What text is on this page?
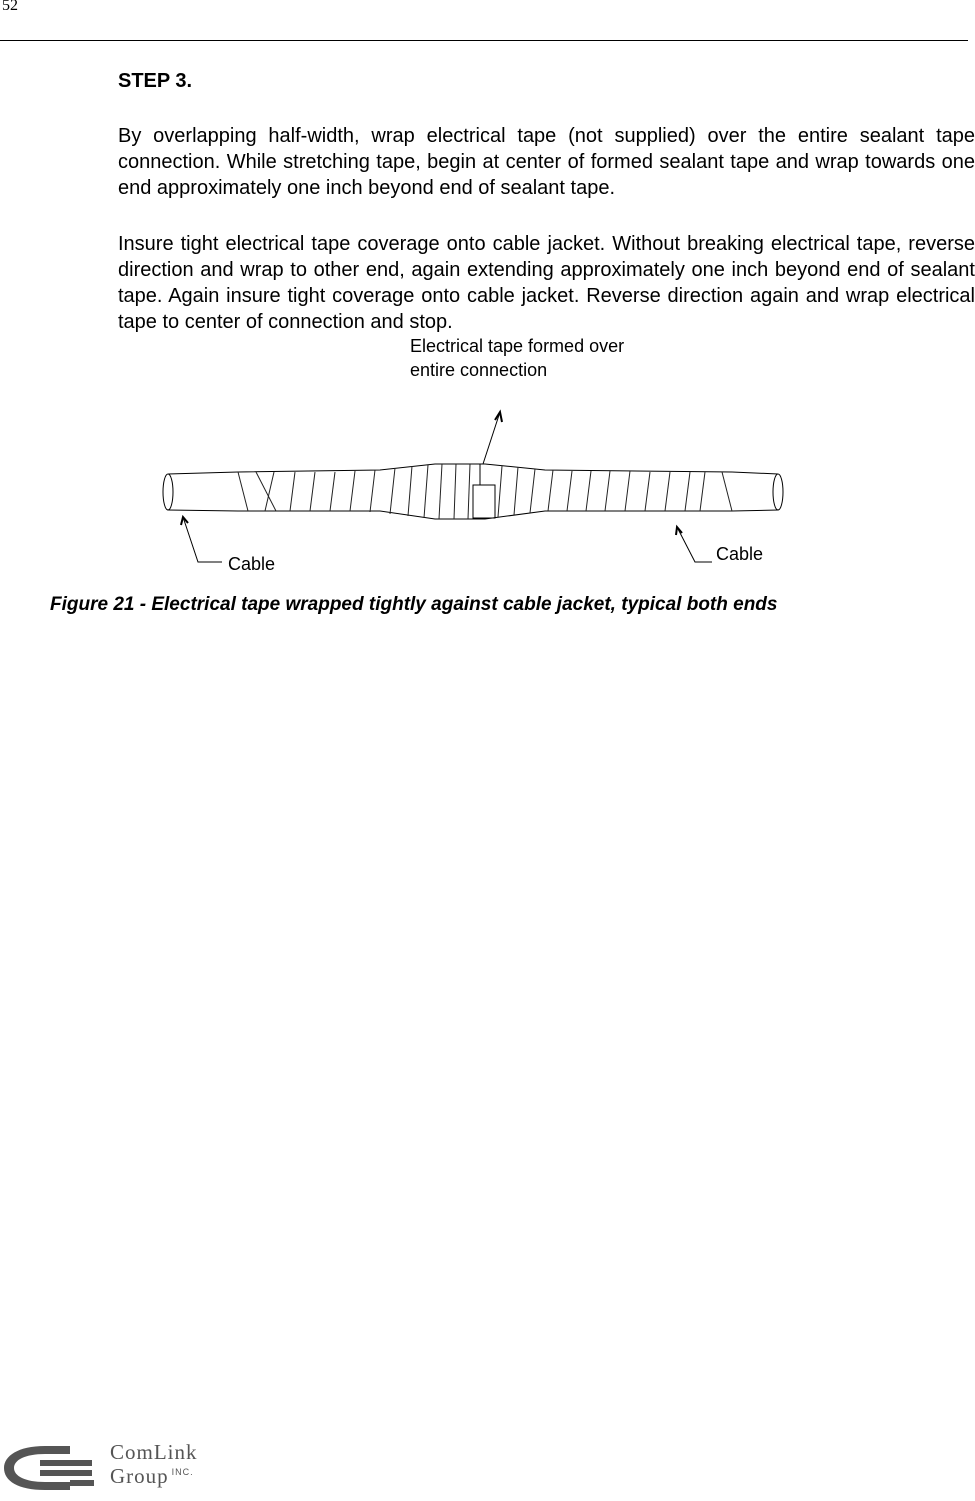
52
STEP 3.
By overlapping half-width, wrap electrical tape (not supplied) over the entire sealant tape connection. While stretching tape, begin at center of formed sealant tape and wrap towards one end approximately one inch beyond end of sealant tape.
Insure tight electrical tape coverage onto cable jacket. Without breaking electrical tape, reverse direction and wrap to other end, again extending approximately one inch beyond end of sealant tape. Again insure tight coverage onto cable jacket. Reverse direction again and wrap electrical tape to center of connection and stop.
Electrical tape formed over
entire connection
Cable	Cable
Figure 21 - Electrical tape wrapped tightly against cable jacket, typical both ends
ComLink
Group $^{INC.}$
